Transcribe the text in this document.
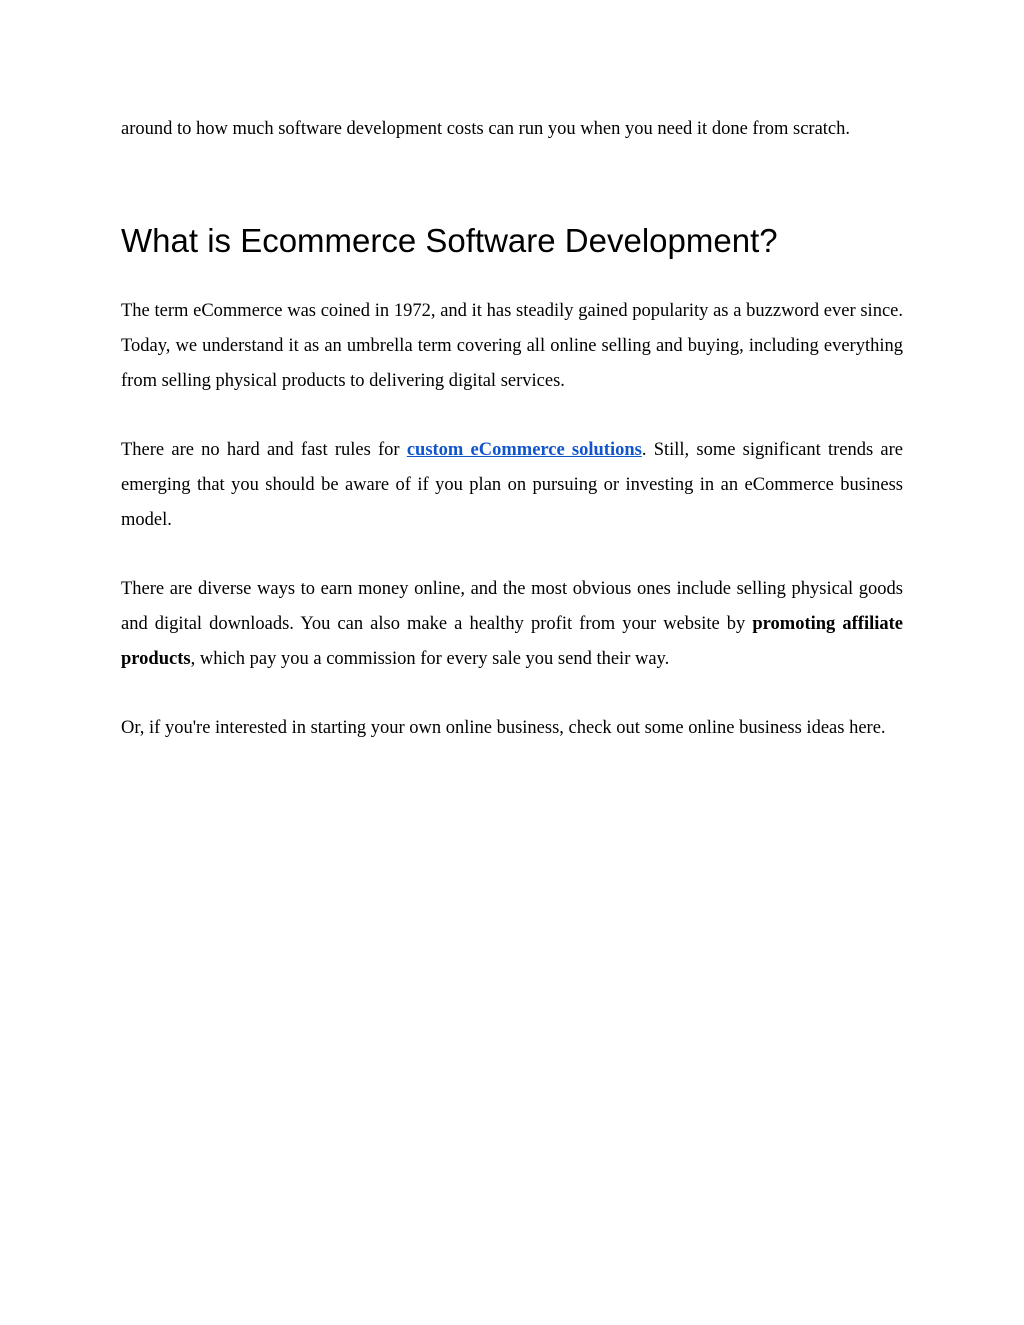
around to how much software development costs can run you when you need it done from scratch.

What is Ecommerce Software Development?

The term eCommerce was coined in 1972, and it has steadily gained popularity as a buzzword ever since. Today, we understand it as an umbrella term covering all online selling and buying, including everything from selling physical products to delivering digital services.

There are no hard and fast rules for custom eCommerce solutions. Still, some significant trends are emerging that you should be aware of if you plan on pursuing or investing in an eCommerce business model.

There are diverse ways to earn money online, and the most obvious ones include selling physical goods and digital downloads. You can also make a healthy profit from your website by promoting affiliate products, which pay you a commission for every sale you send their way.

Or, if you're interested in starting your own online business, check out some online business ideas here.
